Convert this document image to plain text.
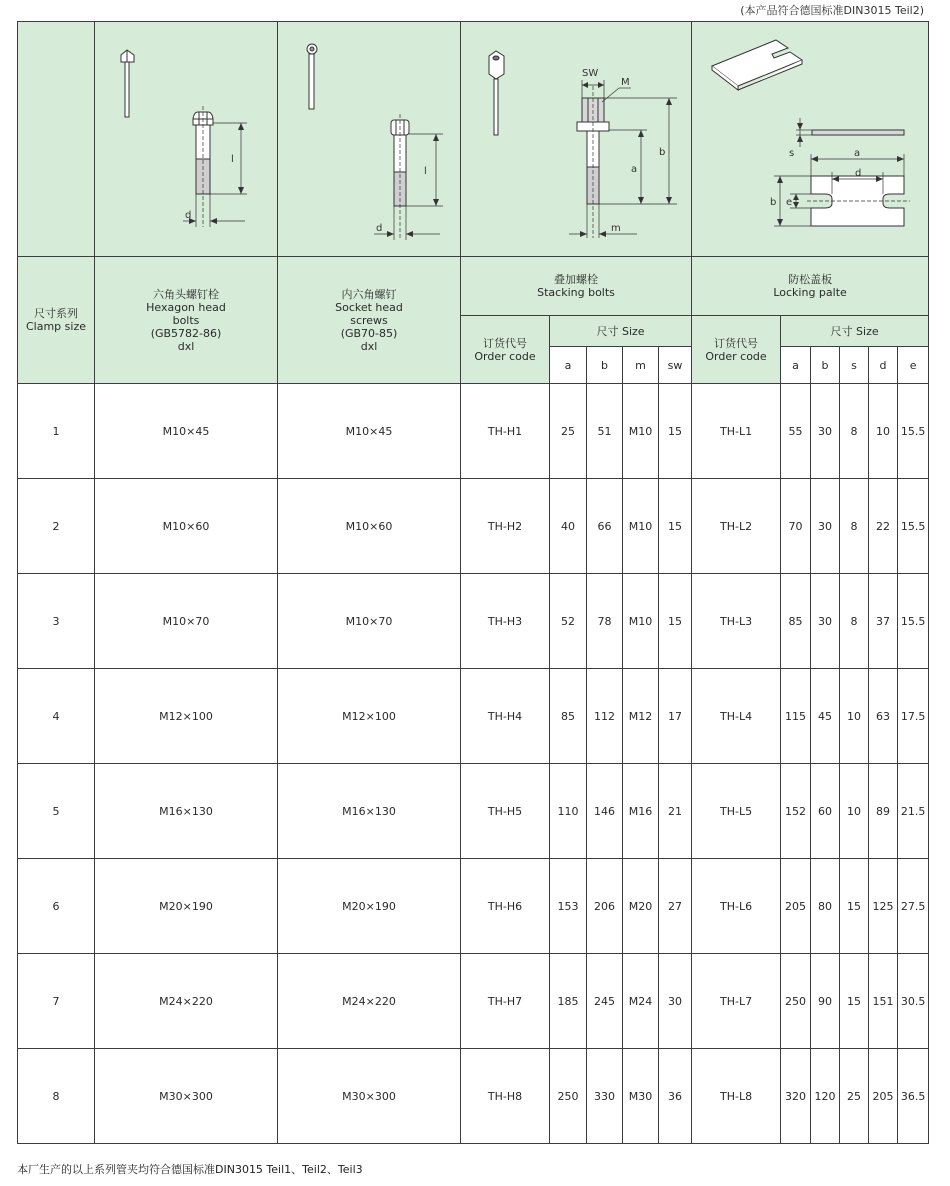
(本产品符合德国标准DIN3015 Teil2)

l
d	l
d	SW
M
a
b
m					s a
d
b e					

尺寸系列
Clamp size	六角头螺钉栓
Hexagon head
bolts
(GB5782-86)
dxl	内六角螺钉
Socket head
screws
(GB70-85)
dxl	叠加螺栓
Stacking bolts					防松盖板
Locking palte					

			订货代号
Order code	尺寸 Size				订货代号
Order code	尺寸 Size				
				a	b	m	sw		a	b	s	d	e
1	M10×45	M10×45	TH-H1	25	51	M10	15	TH-L1	55	30	8	10	15.5
2	M10×60	M10×60	TH-H2	40	66	M10	15	TH-L2	70	30	8	22	15.5
3	M10×70	M10×70	TH-H3	52	78	M10	15	TH-L3	85	30	8	37	15.5
4	M12×100	M12×100	TH-H4	85	112	M12	17	TH-L4	115	45	10	63	17.5
5	M16×130	M16×130	TH-H5	110	146	M16	21	TH-L5	152	60	10	89	21.5
6	M20×190	M20×190	TH-H6	153	206	M20	27	TH-L6	205	80	15	125	27.5
7	M24×220	M24×220	TH-H7	185	245	M24	30	TH-L7	250	90	15	151	30.5
8	M30×300	M30×300	TH-H8	250	330	M30	36	TH-L8	320	120	25	205	36.5
本厂生产的以上系列管夹均符合德国标准DIN3015 Teil1、Teil2、Teil3
